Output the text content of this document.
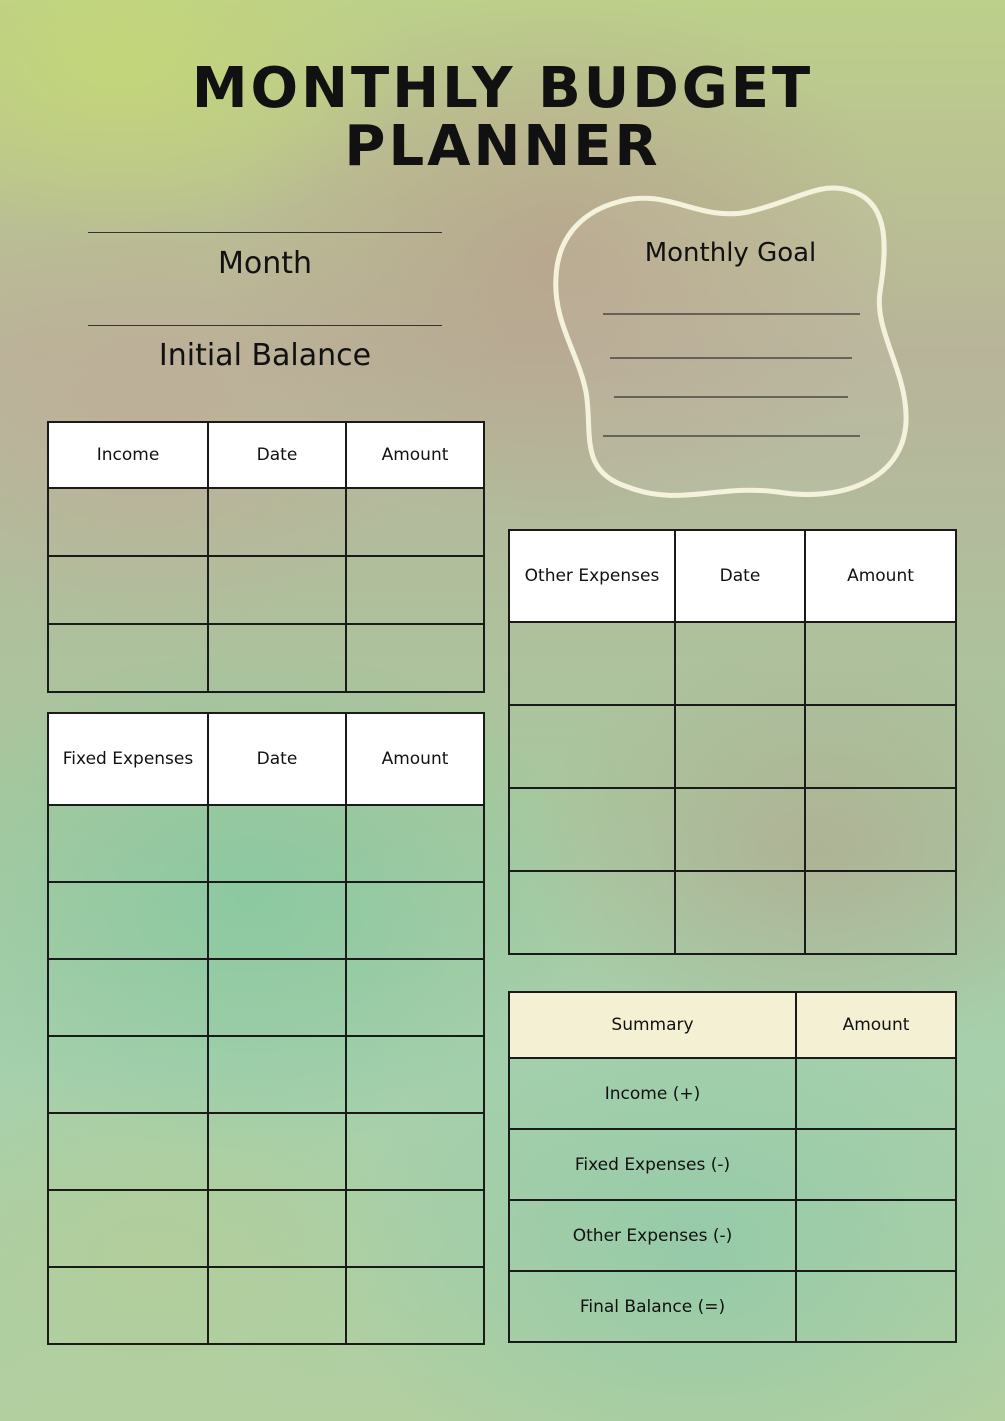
MONTHLY BUDGET
PLANNER
Month
Initial Balance
Monthly Goal
Income	Date	Amount

Fixed Expenses	Date	Amount

Other Expenses	Date	Amount

Summary	Amount
Income (+)	
Fixed Expenses (-)	
Other Expenses (-)	
Final Balance (=)	
